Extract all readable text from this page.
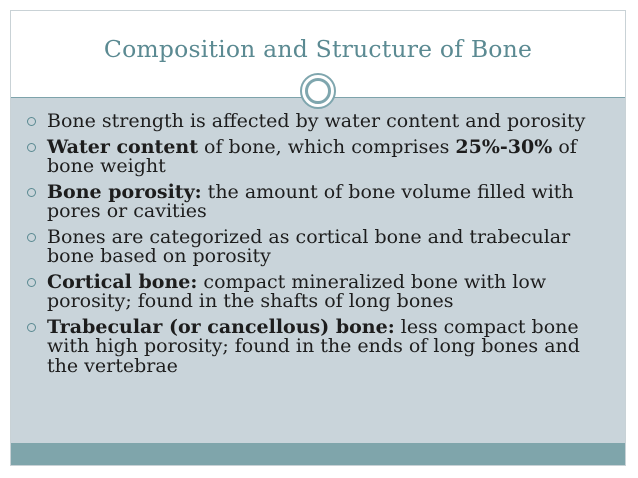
Composition and Structure of Bone
Bone strength is affected by water content and porosity
Water content of bone, which comprises 25%-30% of bone weight
Bone porosity: the amount of bone volume filled with pores or cavities
Bones are categorized as cortical bone and trabecular bone based on porosity
Cortical bone: compact mineralized bone with low porosity; found in the shafts of long bones
Trabecular (or cancellous) bone: less compact bone with high porosity; found in the ends of long bones and the vertebrae
